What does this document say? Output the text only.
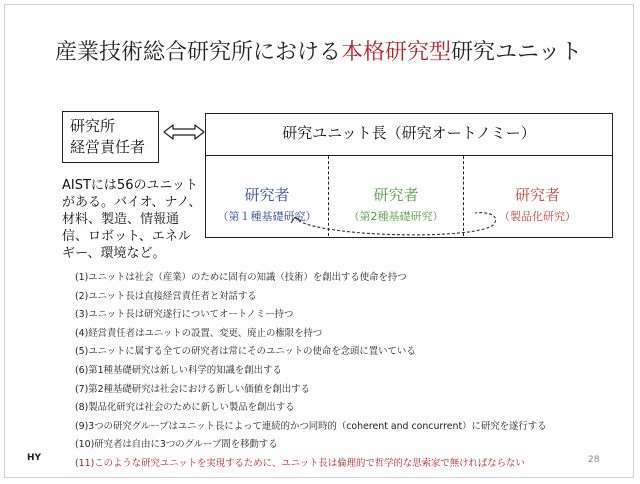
産業技術総合研究所における本格研究型研究ユニット
研究所
経営責任者
研究ユニット長（研究オートノミー）
研究者
（第１種基礎研究）
研究者
（第2種基礎研究）
研究者
（製品化研究）
AISTには56のユニットがある。バイオ、ナノ、材料、製造、情報通信、ロボット、エネルギー、環境など。
(1)ユニットは社会（産業）のために固有の知識（技術）を創出する使命を持つ
(2)ユニット長は直接経営責任者と対話する
(3)ユニット長は研究遂行についてオートノミー持つ
(4)経営責任者はユニットの設置、変更、廃止の権限を持つ
(5)ユニットに属する全ての研究者は常にそのユニットの使命を念頭に置いている
(6)第1種基礎研究は新しい科学的知識を創出する
(7)第2種基礎研究は社会における新しい価値を創出する
(8)製品化研究は社会のために新しい製品を創出する
(9)3つの研究グループはユニット長によって連続的かつ同時的（coherent and concurrent）に研究を遂行する
(10)研究者は自由に3つのグループ間を移動する
(11)このような研究ユニットを実現するために、ユニット長は倫理的で哲学的な思索家で無ければならない
HY	28
